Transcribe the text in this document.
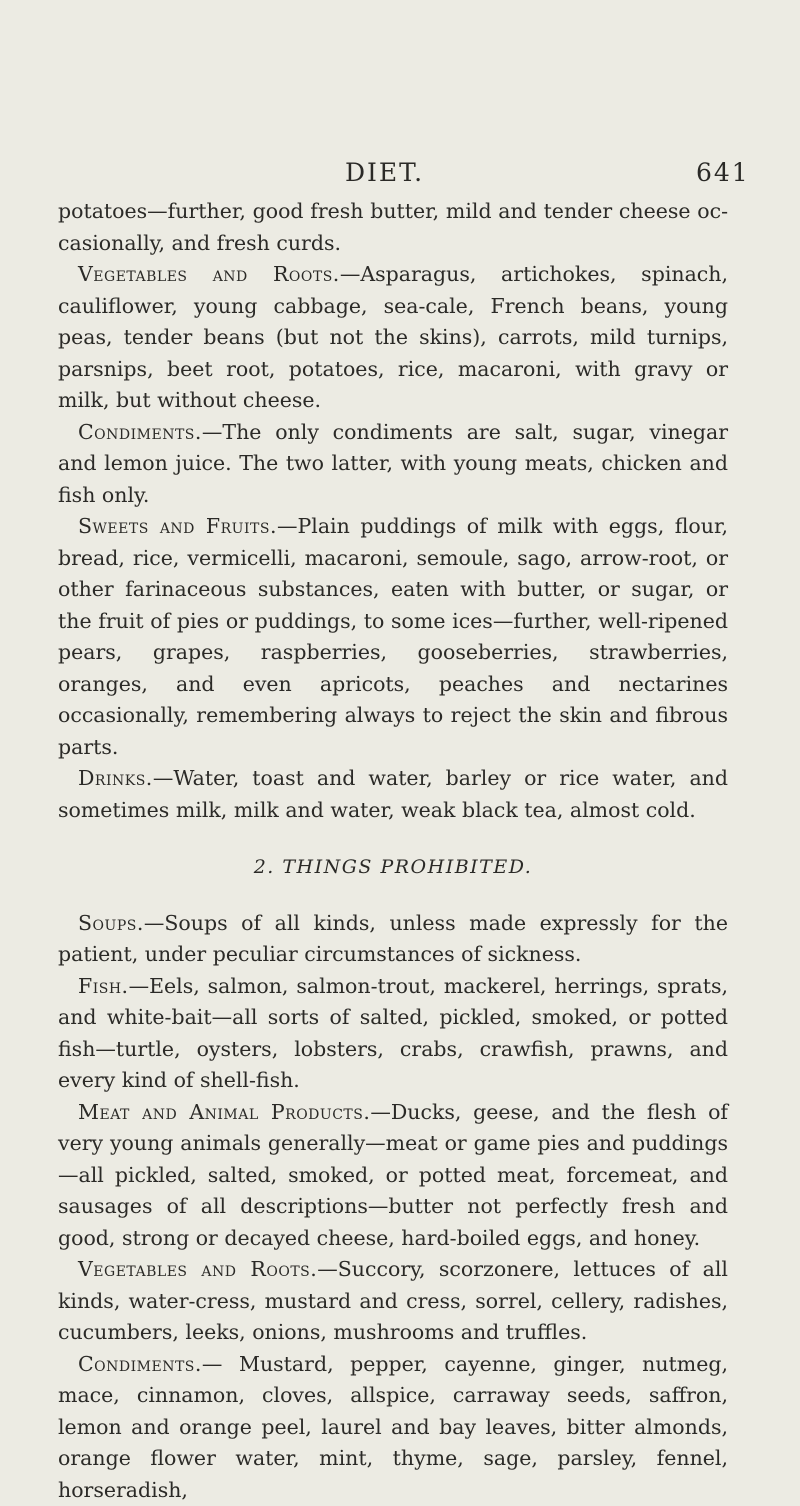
DIET.	641

potatoes—further, good fresh butter, mild and tender cheese occasionally, and fresh curds.

Vegetables and Roots.—Asparagus, artichokes, spinach, cauliflower, young cabbage, sea-cale, French beans, young peas, tender beans (but not the skins), carrots, mild turnips, parsnips, beet root, potatoes, rice, macaroni, with gravy or milk, but without cheese.

Condiments.—The only condiments are salt, sugar, vinegar and lemon juice. The two latter, with young meats, chicken and fish only.

Sweets and Fruits.—Plain puddings of milk with eggs, flour, bread, rice, vermicelli, macaroni, semoule, sago, arrow-root, or other farinaceous substances, eaten with butter, or sugar, or the fruit of pies or puddings, to some ices—further, well-ripened pears, grapes, raspberries, gooseberries, strawberries, oranges, and even apricots, peaches and nectarines occasionally, remembering always to reject the skin and fibrous parts.

Drinks.—Water, toast and water, barley or rice water, and sometimes milk, milk and water, weak black tea, almost cold.

2. THINGS PROHIBITED.

Soups.—Soups of all kinds, unless made expressly for the patient, under peculiar circumstances of sickness.

Fish.—Eels, salmon, salmon-trout, mackerel, herrings, sprats, and white-bait—all sorts of salted, pickled, smoked, or potted fish—turtle, oysters, lobsters, crabs, crawfish, prawns, and every kind of shell-fish.

Meat and Animal Products.—Ducks, geese, and the flesh of very young animals generally—meat or game pies and puddings—all pickled, salted, smoked, or potted meat, forcemeat, and sausages of all descriptions—butter not perfectly fresh and good, strong or decayed cheese, hard-boiled eggs, and honey.

Vegetables and Roots.—Succory, scorzonere, lettuces of all kinds, water-cress, mustard and cress, sorrel, cellery, radishes, cucumbers, leeks, onions, mushrooms and truffles.

Condiments.— Mustard, pepper, cayenne, ginger, nutmeg, mace, cinnamon, cloves, allspice, carraway seeds, saffron, lemon and orange peel, laurel and bay leaves, bitter almonds, orange flower water, mint, thyme, sage, parsley, fennel, horseradish,
